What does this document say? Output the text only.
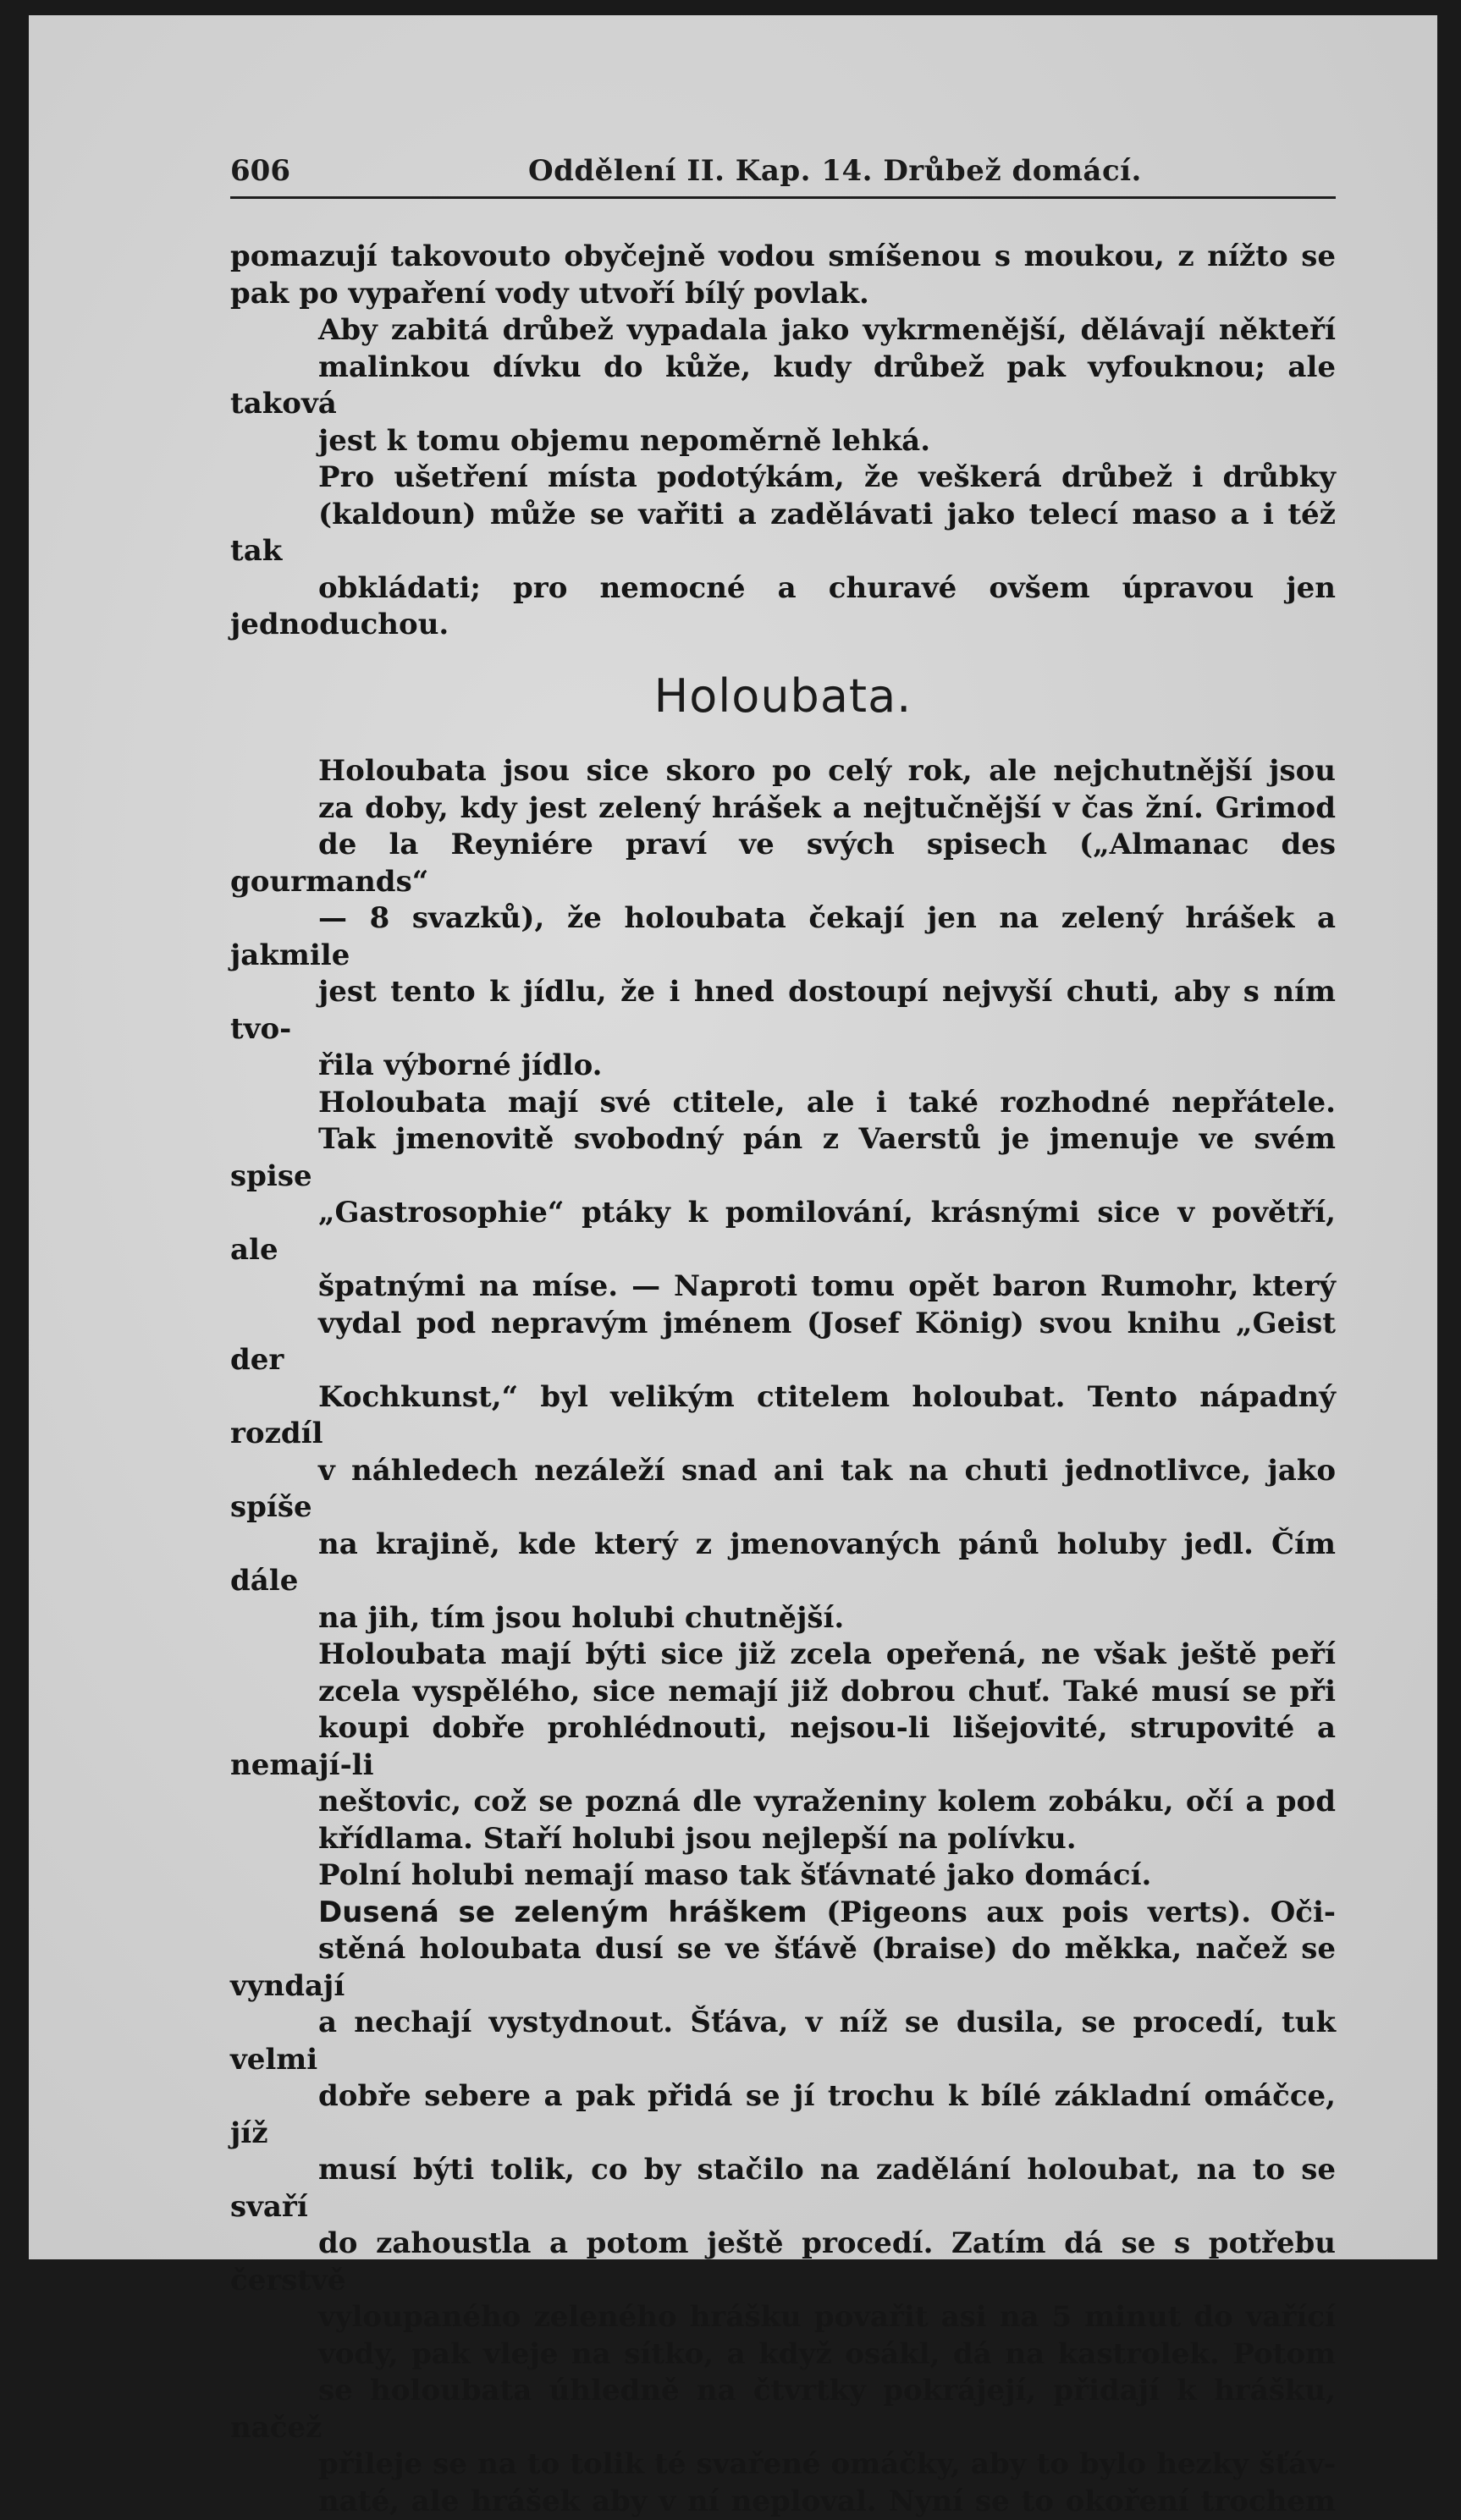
606	Oddělení II. Kap. 14. Drůbež domácí.

pomazují takovouto obyčejně vodou smíšenou s moukou, z nížto se
pak po vypaření vody utvoří bílý povlak.

Aby zabitá drůbež vypadala jako vykrmenější, dělávají někteří
malinkou dívku do kůže, kudy drůbež pak vyfouknou; ale taková
jest k tomu objemu nepoměrně lehká.

Pro ušetření místa podotýkám, že veškerá drůbež i drůbky
(kaldoun) může se vařiti a zadělávati jako telecí maso a i též tak
obkládati; pro nemocné a churavé ovšem úpravou jen jednoduchou.

Holoubata.

Holoubata jsou sice skoro po celý rok, ale nejchutnější jsou
za doby, kdy jest zelený hrášek a nejtučnější v čas žní. Grimod
de la Reyniére praví ve svých spisech („Almanac des gourmands“
— 8 svazků), že holoubata čekají jen na zelený hrášek a jakmile
jest tento k jídlu, že i hned dostoupí nejvyší chuti, aby s ním tvo-
řila výborné jídlo.

Holoubata mají své ctitele, ale i také rozhodné nepřátele.
Tak jmenovitě svobodný pán z Vaerstů je jmenuje ve svém spise
„Gastrosophie“ ptáky k pomilování, krásnými sice v povětří, ale
špatnými na míse. — Naproti tomu opět baron Rumohr, který
vydal pod nepravým jménem (Josef König) svou knihu „Geist der
Kochkunst,“ byl velikým ctitelem holoubat. Tento nápadný rozdíl
v náhledech nezáleží snad ani tak na chuti jednotlivce, jako spíše
na krajině, kde který z jmenovaných pánů holuby jedl. Čím dále
na jih, tím jsou holubi chutnější.

Holoubata mají býti sice již zcela opeřená, ne však ještě peří
zcela vyspělého, sice nemají již dobrou chuť. Také musí se při
koupi dobře prohlédnouti, nejsou-li lišejovité, strupovité a nemají-li
neštovic, což se pozná dle vyraženiny kolem zobáku, očí a pod
křídlama. Staří holubi jsou nejlepší na polívku.

Polní holubi nemají maso tak šťávnaté jako domácí.

Dusená se zeleným hráškem (Pigeons aux pois verts). Oči-
stěná holoubata dusí se ve šťávě (braise) do měkka, načež se vyndají
a nechají vystydnout. Šťáva, v níž se dusila, se procedí, tuk velmi
dobře sebere a pak přidá se jí trochu k bílé základní omáčce, jíž
musí býti tolik, co by stačilo na zadělání holoubat, na to se svaří
do zahoustla a potom ještě procedí. Zatím dá se s potřebu čerstvě
vyloupaného zeleného hrášku povařit asi na 5 minut do vařící
vody, pak vleje na sítko, a když osákl, dá na kastrolek. Potom
se holoubata úhledně na čtvrtky pokrájejí, přidají k hrášku, načež
přileje se na to tolik té svařené omáčky, aby to bylo hezky šťáv-
naté, ale hrášek aby v ní neploval. Nyní se to okoření trochem
